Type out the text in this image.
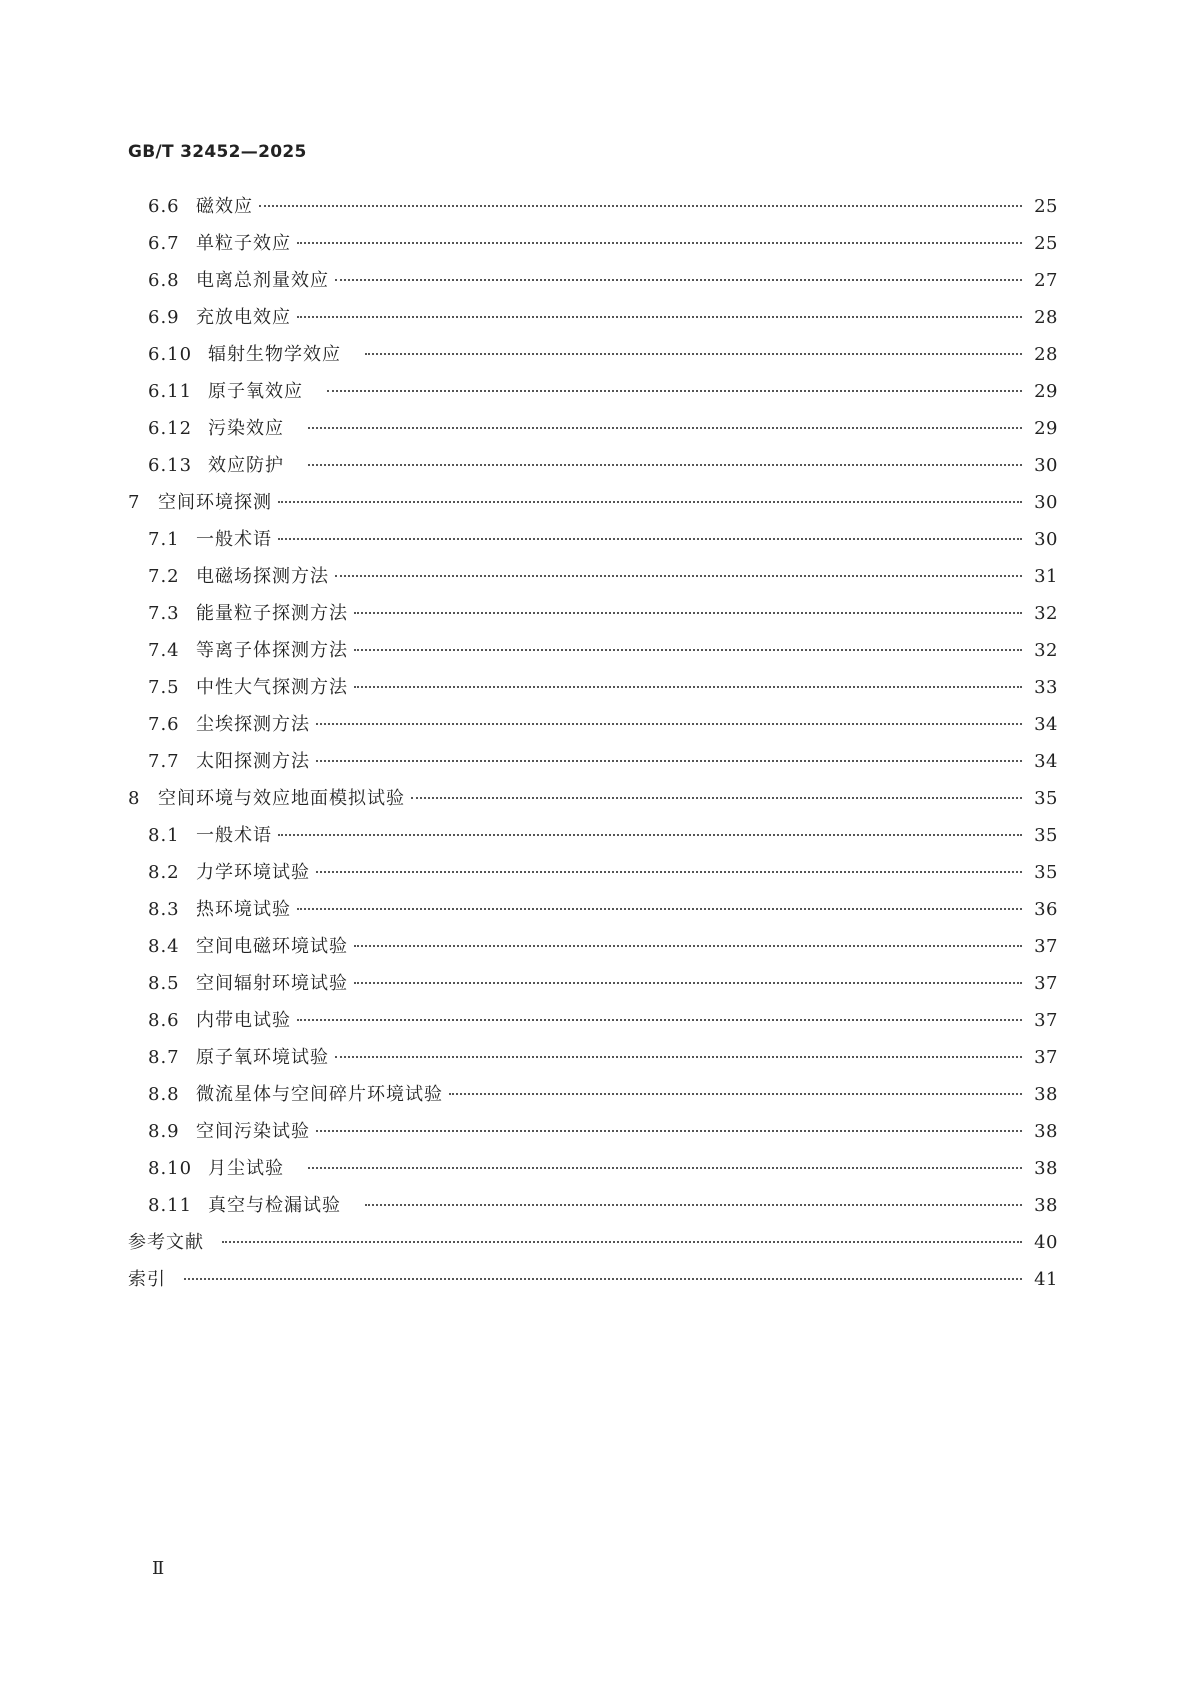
GB/T 32452—2025
6.6 磁效应	25
6.7 单粒子效应	25
6.8 电离总剂量效应	27
6.9 充放电效应	28
6.10 辐射生物学效应	28
6.11 原子氧效应	29
6.12 污染效应	29
6.13 效应防护	30
7 空间环境探测	30
7.1 一般术语	30
7.2 电磁场探测方法	31
7.3 能量粒子探测方法	32
7.4 等离子体探测方法	32
7.5 中性大气探测方法	33
7.6 尘埃探测方法	34
7.7 太阳探测方法	34
8 空间环境与效应地面模拟试验	35
8.1 一般术语	35
8.2 力学环境试验	35
8.3 热环境试验	36
8.4 空间电磁环境试验	37
8.5 空间辐射环境试验	37
8.6 内带电试验	37
8.7 原子氧环境试验	37
8.8 微流星体与空间碎片环境试验	38
8.9 空间污染试验	38
8.10 月尘试验	38
8.11 真空与检漏试验	38
参考文献	40
索引	41
Ⅱ
